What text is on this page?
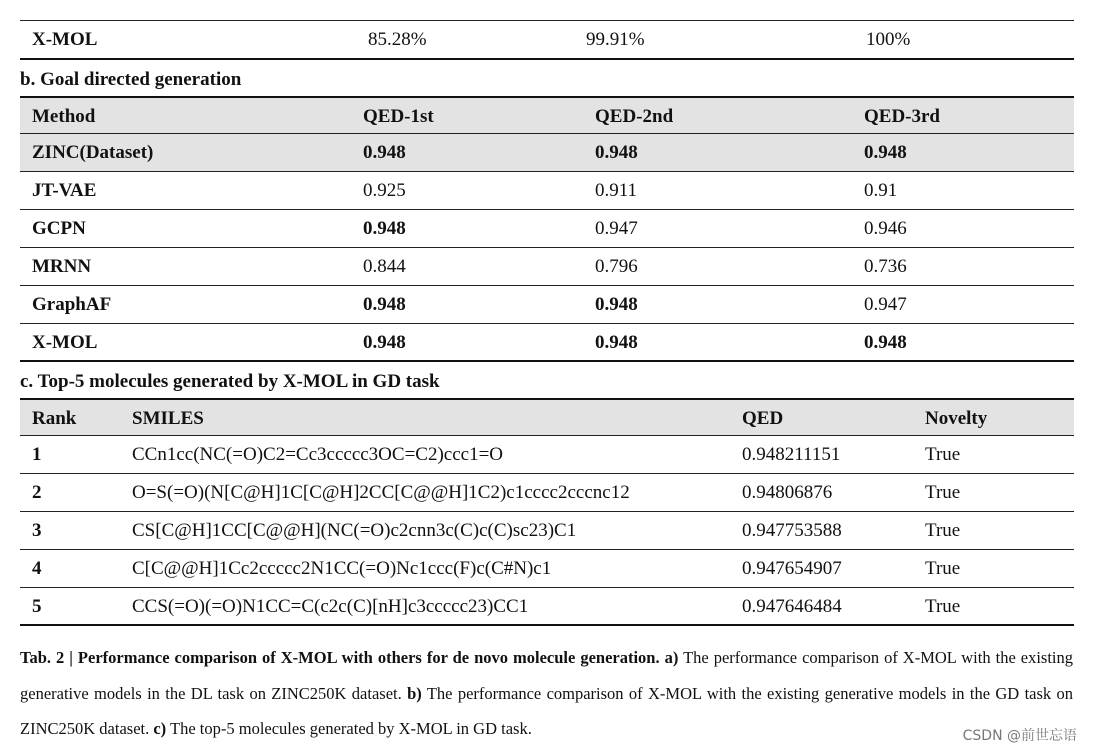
X-MOL	85.28%	99.91%	100%
b. Goal directed generation
Method	QED-1st	QED-2nd	QED-3rd
ZINC(Dataset)	0.948	0.948	0.948
JT-VAE	0.925	0.911	0.91
GCPN	0.948	0.947	0.946
MRNN	0.844	0.796	0.736
GraphAF	0.948	0.948	0.947
X-MOL	0.948	0.948	0.948
c. Top-5 molecules generated by X-MOL in GD task
Rank	SMILES	QED	Novelty
1	CCn1cc(NC(=O)C2=Cc3ccccc3OC=C2)ccc1=O	0.948211151	True
2	O=S(=O)(N[C@H]1C[C@H]2CC[C@@H]1C2)c1cccc2cccnc12	0.94806876	True
3	CS[C@H]1CC[C@@H](NC(=O)c2cnn3c(C)c(C)sc23)C1	0.947753588	True
4	C[C@@H]1Cc2ccccc2N1CC(=O)Nc1ccc(F)c(C#N)c1	0.947654907	True
5	CCS(=O)(=O)N1CC=C(c2c(C)[nH]c3ccccc23)CC1	0.947646484	True
Tab. 2 | Performance comparison of X-MOL with others for de novo molecule generation. a) The performance comparison of X-MOL with the existing generative models in the DL task on ZINC250K dataset. b) The performance comparison of X-MOL with the existing generative models in the GD task on ZINC250K dataset. c) The top-5 molecules generated by X-MOL in GD task.	CSDN @前世忘语
